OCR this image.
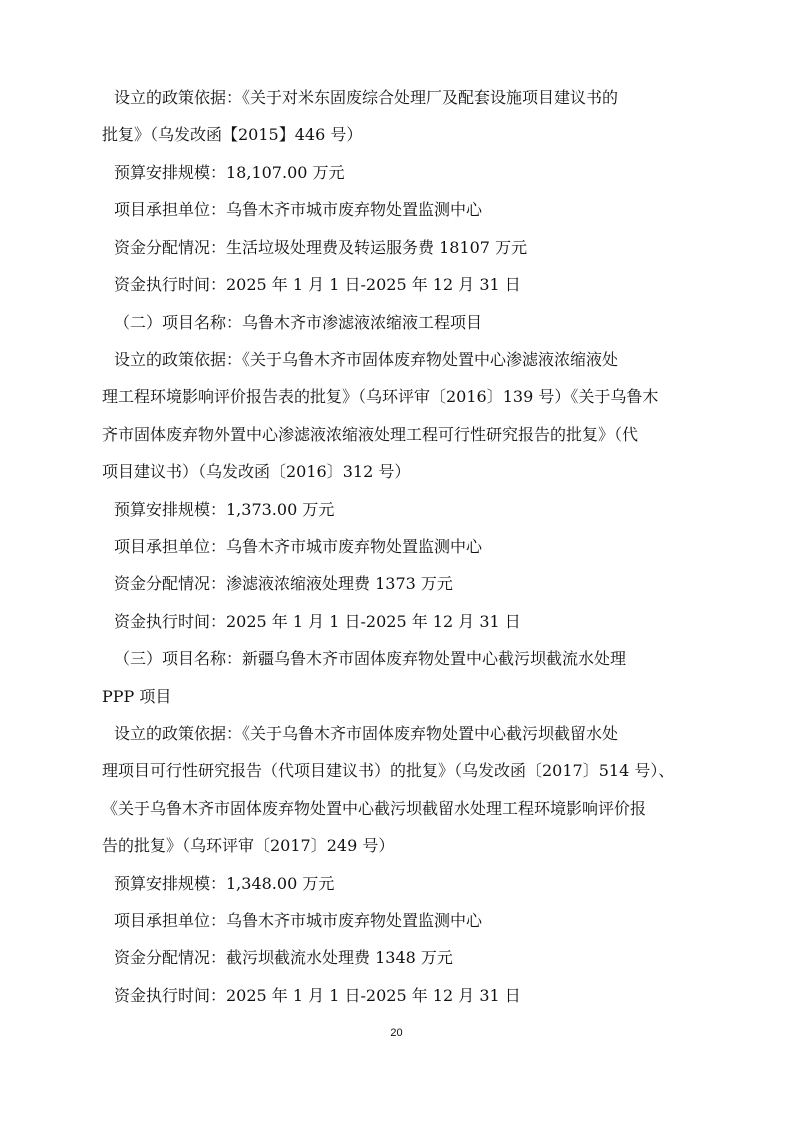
设立的政策依据：《关于对米东固废综合处理厂及配套设施项目建议书的

批复》（乌发改函【2015】446 号）

预算安排规模：18,107.00 万元

项目承担单位：乌鲁木齐市城市废弃物处置监测中心

资金分配情况：生活垃圾处理费及转运服务费 18107 万元

资金执行时间：2025 年 1 月 1 日-2025 年 12 月 31 日

（二）项目名称：乌鲁木齐市渗滤液浓缩液工程项目

设立的政策依据：《关于乌鲁木齐市固体废弃物处置中心渗滤液浓缩液处

理工程环境影响评价报告表的批复》（乌环评审〔2016〕139 号）《关于乌鲁木

齐市固体废弃物外置中心渗滤液浓缩液处理工程可行性研究报告的批复》（代

项目建议书）（乌发改函〔2016〕312 号）

预算安排规模：1,373.00 万元

项目承担单位：乌鲁木齐市城市废弃物处置监测中心

资金分配情况：渗滤液浓缩液处理费 1373 万元

资金执行时间：2025 年 1 月 1 日-2025 年 12 月 31 日

（三）项目名称：新疆乌鲁木齐市固体废弃物处置中心截污坝截流水处理

PPP 项目

设立的政策依据：《关于乌鲁木齐市固体废弃物处置中心截污坝截留水处

理项目可行性研究报告（代项目建议书）的批复》（乌发改函〔2017〕514 号）、

《关于乌鲁木齐市固体废弃物处置中心截污坝截留水处理工程环境影响评价报

告的批复》（乌环评审〔2017〕249 号）

预算安排规模：1,348.00 万元

项目承担单位：乌鲁木齐市城市废弃物处置监测中心

资金分配情况：截污坝截流水处理费 1348 万元

资金执行时间：2025 年 1 月 1 日-2025 年 12 月 31 日

20
